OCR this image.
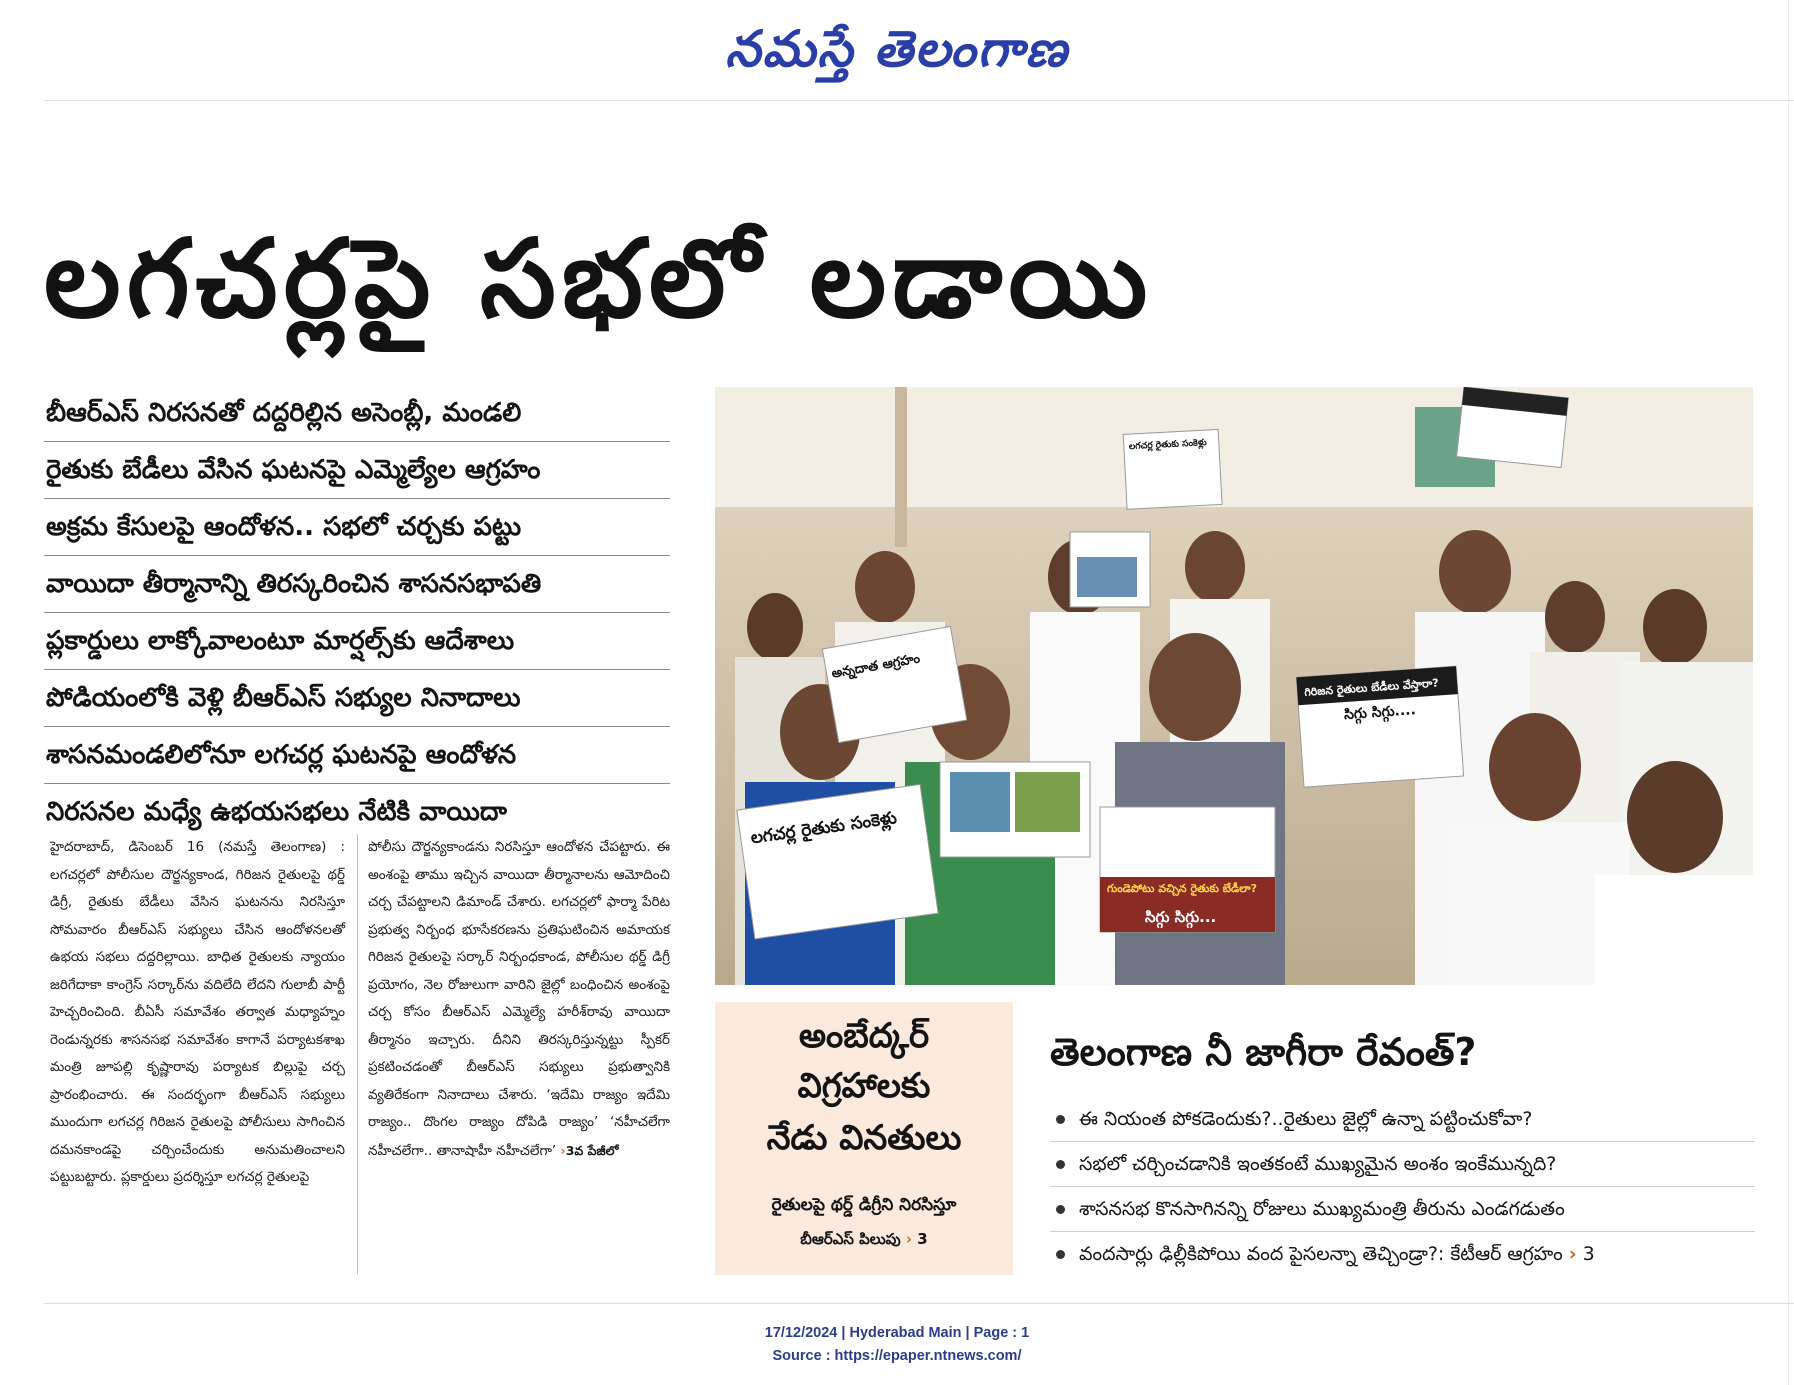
నమస్తే తెలంగాణ
లగచర్లపై సభలో లడాయి
బీఆర్ఎస్ నిరసనతో దద్దరిల్లిన అసెంబ్లీ, మండలి
రైతుకు బేడీలు వేసిన ఘటనపై ఎమ్మెల్యేల ఆగ్రహం
అక్రమ కేసులపై ఆందోళన.. సభలో చర్చకు పట్టు
వాయిదా తీర్మానాన్ని తిరస్కరించిన శాసనసభాపతి
ప్లకార్డులు లాక్కోవాలంటూ మార్షల్స్‌కు ఆదేశాలు
పోడియంలోకి వెళ్లి బీఆర్ఎస్ సభ్యుల నినాదాలు
శాసనమండలిలోనూ లగచర్ల ఘటనపై ఆందోళన
నిరసనల మధ్యే ఉభయసభలు నేటికి వాయిదా
హైదరాబాద్, డిసెంబర్ 16 (నమస్తే తెలంగాణ) : లగచర్లలో పోలీసుల దౌర్జన్యకాండ, గిరిజన రైతులపై థర్డ్ డిగ్రీ, రైతుకు బేడీలు వేసిన ఘటనను నిరసిస్తూ సోమవారం బీఆర్ఎస్ సభ్యులు చేసిన ఆందోళనలతో ఉభయ సభలు దద్దరిల్లాయి. బాధిత రైతులకు న్యాయం జరిగేదాకా కాంగ్రెస్ సర్కార్‌ను వదిలేది లేదని గులాబీ పార్టీ హెచ్చరించింది. బీఏసీ సమావేశం తర్వాత మధ్యాహ్నం రెండున్నరకు శాసనసభ సమావేశం కాగానే పర్యాటకశాఖ మంత్రి జూపల్లి కృష్ణారావు పర్యాటక బిల్లుపై చర్చ ప్రారంభించారు. ఈ సందర్భంగా బీఆర్ఎస్ సభ్యులు ముందుగా లగచర్ల గిరిజన రైతులపై పోలీసులు సాగించిన దమనకాండపై చర్చించేందుకు అనుమతించాలని పట్టుబట్టారు. ప్లకార్డులు ప్రదర్శిస్తూ లగచర్ల రైతులపై
పోలీసు దౌర్జన్యకాండను నిరసిస్తూ ఆందోళన చేపట్టారు. ఈ అంశంపై తాము ఇచ్చిన వాయిదా తీర్మానాలను ఆమోదించి చర్చ చేపట్టాలని డిమాండ్ చేశారు. లగచర్లలో ఫార్మా పేరిట ప్రభుత్వ నిర్బంధ భూసేకరణను ప్రతిఘటించిన అమాయక గిరిజన రైతులపై సర్కార్ నిర్బంధకాండ, పోలీసుల థర్డ్ డిగ్రీ ప్రయోగం, నెల రోజులుగా వారిని జైల్లో బంధించిన అంశంపై చర్చ కోసం బీఆర్ఎస్ ఎమ్మెల్యే హరీశ్‌రావు వాయిదా తీర్మానం ఇచ్చారు. దీనిని తిరస్కరిస్తున్నట్టు స్పీకర్ ప్రకటించడంతో బీఆర్ఎస్ సభ్యులు ప్రభుత్వానికి వ్యతిరేకంగా నినాదాలు చేశారు. ‘ఇదేమి రాజ్యం ఇదేమి రాజ్యం.. దొంగల రాజ్యం దోపిడి రాజ్యం’ ‘నహీచలేగా నహీచలేగా.. తానాషాహీ నహీచలేగా’ ›3వ పేజీలో
లగచర్ల రైతుకు సంకెళ్లు
అన్నదాత ఆగ్రహం
గిరిజన రైతులు బేడీలు వేస్తారా?
సిగ్గు సిగ్గు....
గుండెపోటు వచ్చిన రైతుకు బేడీలా?
సిగ్గు సిగ్గు...
లగచర్ల రైతుకు సంకెళ్లు
అంబేద్కర్
విగ్రహాలకు
నేడు వినతులు
రైతులపై థర్డ్ డిగ్రీని నిరసిస్తూ
బీఆర్ఎస్ పిలుపు › 3
తెలంగాణ నీ జాగీరా రేవంత్?
ఈ నియంత పోకడెందుకు?..రైతులు జైల్లో ఉన్నా పట్టించుకోవా?
సభలో చర్చించడానికి ఇంతకంటే ముఖ్యమైన అంశం ఇంకేమున్నది?
శాసనసభ కొనసాగినన్ని రోజులు ముఖ్యమంత్రి తీరును ఎండగడుతం
వందసార్లు ఢిల్లీకిపోయి వంద పైసలన్నా తెచ్చిండ్రా?: కేటీఆర్ ఆగ్రహం › 3
17/12/2024 | Hyderabad Main | Page : 1
Source : https://epaper.ntnews.com/
